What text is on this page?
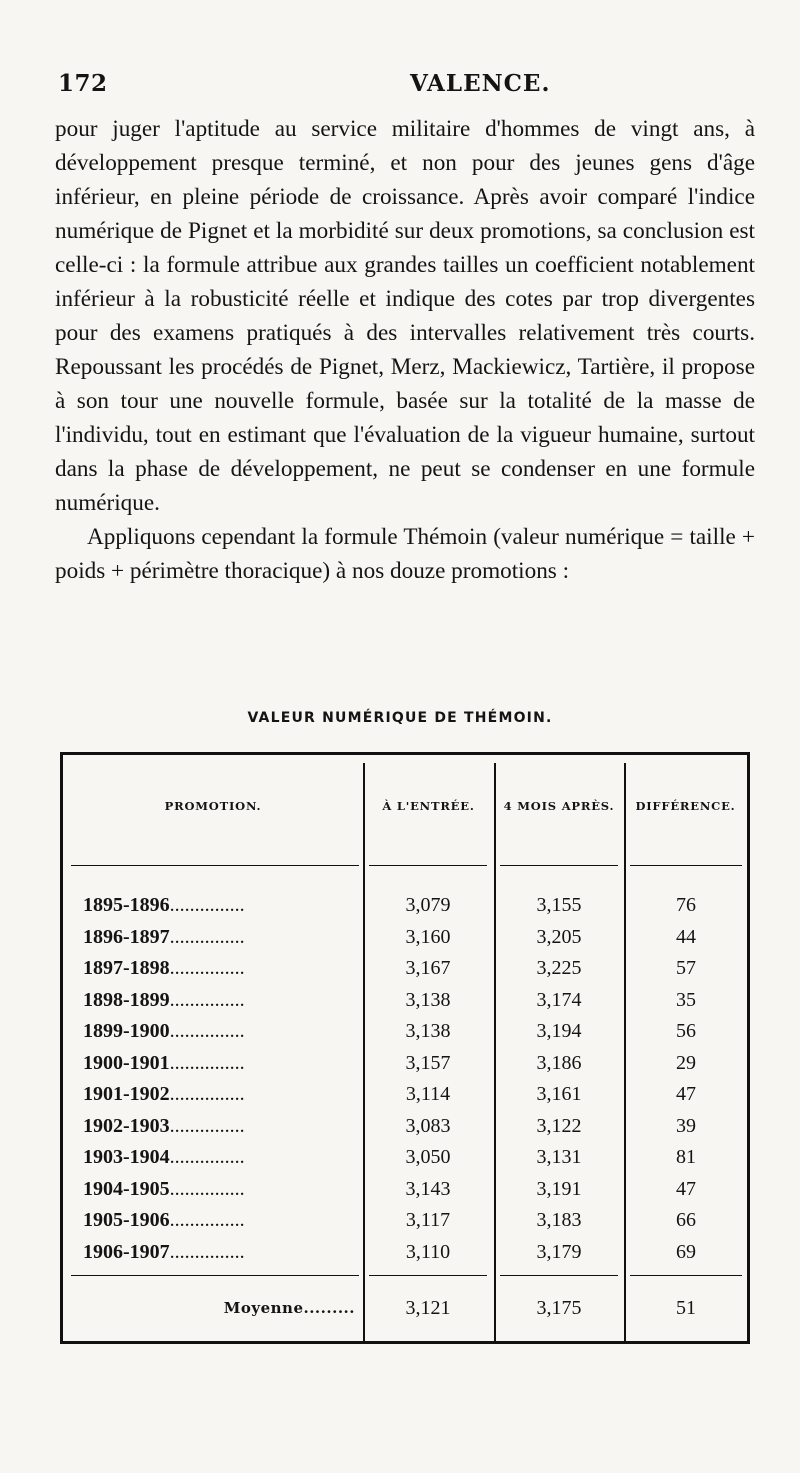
172	VALENCE.

pour juger l'aptitude au service militaire d'hommes de vingt ans, à développement presque terminé, et non pour des jeunes gens d'âge inférieur, en pleine période de croissance. Après avoir comparé l'indice numérique de Pignet et la morbidité sur deux promotions, sa conclusion est celle-ci : la formule attribue aux grandes tailles un coefficient notablement inférieur à la robusticité réelle et indique des cotes par trop divergentes pour des examens pratiqués à des intervalles relativement très courts. Repoussant les procédés de Pignet, Merz, Mackiewicz, Tartière, il propose à son tour une nouvelle formule, basée sur la totalité de la masse de l'individu, tout en estimant que l'évaluation de la vigueur humaine, surtout dans la phase de développement, ne peut se condenser en une formule numérique.

Appliquons cependant la formule Thémoin (valeur numérique = taille + poids + périmètre thoracique) à nos douze promotions :

VALEUR NUMÉRIQUE DE THÉMOIN.
PROMOTION.	À L'ENTRÉE.	4 MOIS APRÈS.	DIFFÉRENCE.
1895-1896...............	3,079	3,155	76
1896-1897...............	3,160	3,205	44
1897-1898...............	3,167	3,225	57
1898-1899...............	3,138	3,174	35
1899-1900...............	3,138	3,194	56
1900-1901...............	3,157	3,186	29
1901-1902...............	3,114	3,161	47
1902-1903...............	3,083	3,122	39
1903-1904...............	3,050	3,131	81
1904-1905...............	3,143	3,191	47
1905-1906...............	3,117	3,183	66
1906-1907...............	3,110	3,179	69
Moyenne.........	3,121	3,175	51
